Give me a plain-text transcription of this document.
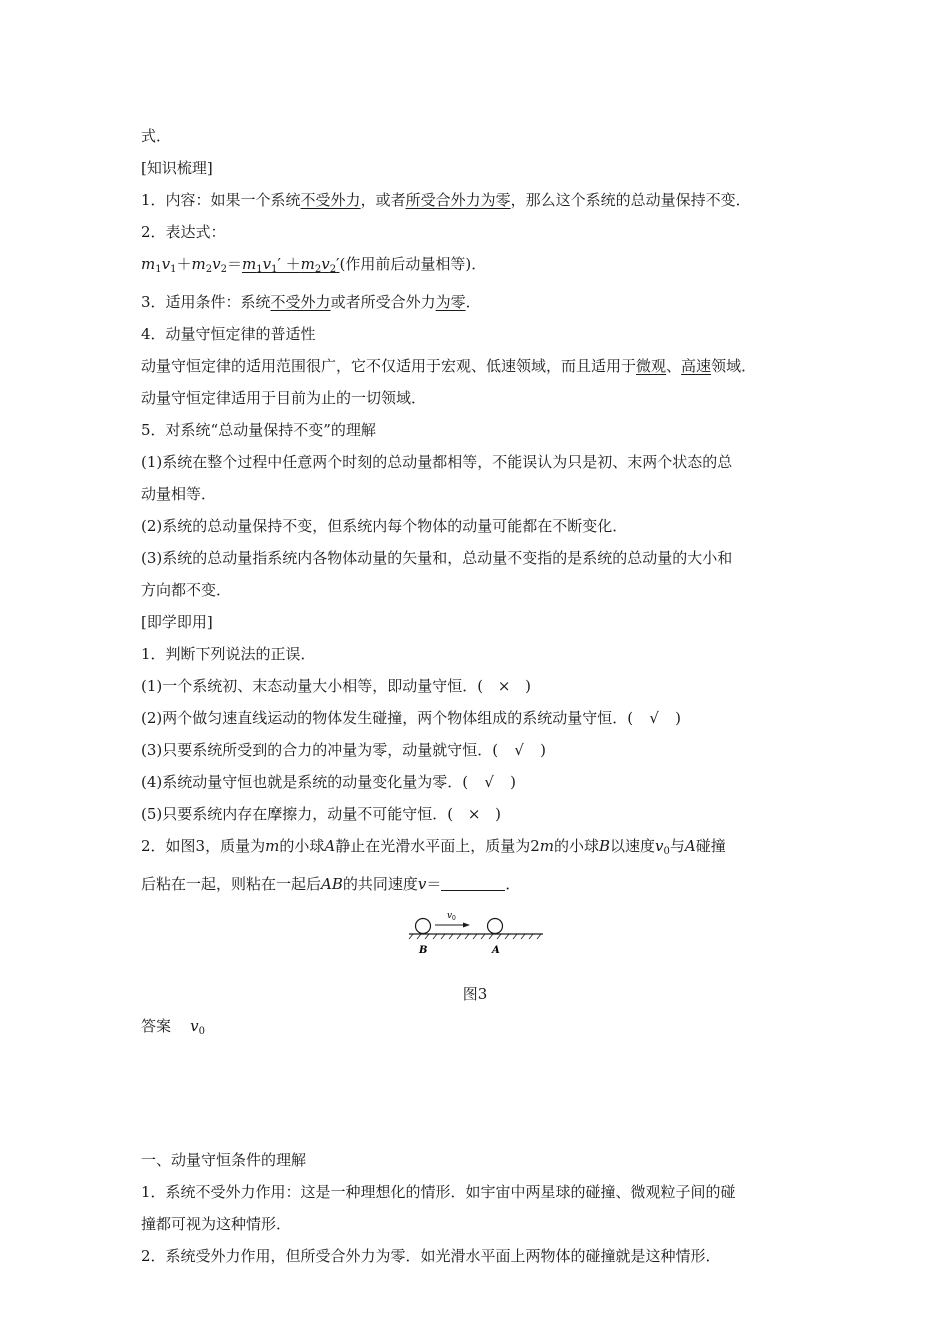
式．
[知识梳理]
1．内容：如果一个系统不受外力，或者所受合外力为零，那么这个系统的总动量保持不变．
2．表达式：
$m_1v_1+m_2v_2=m_1v_1' +m_2v_2'$(作用前后动量相等)．
3．适用条件：系统不受外力或者所受合外力为零．
4．动量守恒定律的普适性
动量守恒定律的适用范围很广，它不仅适用于宏观、低速领域，而且适用于微观、高速领域．
动量守恒定律适用于目前为止的一切领域．
5．对系统“总动量保持不变”的理解
(1)系统在整个过程中任意两个时刻的总动量都相等，不能误认为只是初、末两个状态的总
动量相等．
(2)系统的总动量保持不变，但系统内每个物体的动量可能都在不断变化．
(3)系统的总动量指系统内各物体动量的矢量和，总动量不变指的是系统的总动量的大小和
方向都不变．
[即学即用]
1．判断下列说法的正误．
(1)一个系统初、末态动量大小相等，即动量守恒．( × )
(2)两个做匀速直线运动的物体发生碰撞，两个物体组成的系统动量守恒．( √ )
(3)只要系统所受到的合力的冲量为零，动量就守恒．( √ )
(4)系统动量守恒也就是系统的动量变化量为零．( √ )
(5)只要系统内存在摩擦力，动量不可能守恒．( × )
2．如图3，质量为m的小球A静止在光滑水平面上，质量为2m的小球B以速度$v_0$与A碰撞
后粘在一起，则粘在一起后AB的共同速度v＝	．
v 0
B	A
图3
答案 $v_0$
一、动量守恒条件的理解
1．系统不受外力作用：这是一种理想化的情形．如宇宙中两星球的碰撞、微观粒子间的碰
撞都可视为这种情形．
2．系统受外力作用，但所受合外力为零．如光滑水平面上两物体的碰撞就是这种情形．
